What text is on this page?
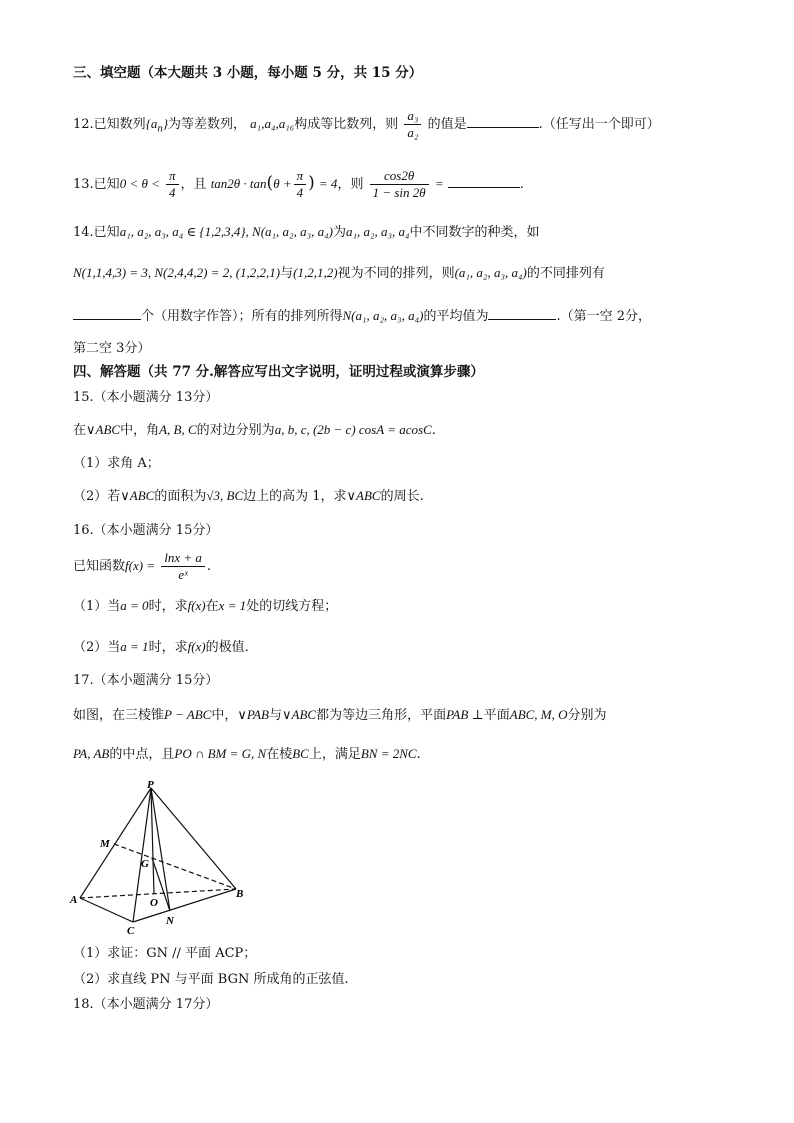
三、填空题（本大题共 3 小题，每小题 5 分，共 15 分）
12.已知数列$\{a_n\}$为等差数列， a₁,a₄,a₁₆构成等比数列，则 $\frac{\text{a₃}}{\text{a₂}}$ 的值是	.（任写出一个即可）
13.已知$0 < \theta < \frac{\pi}{4}$ ，且 $\tan 2\theta \cdot \tan(\theta + \frac{\pi}{4}$ ) = 4，则 $\frac{\cos 2\theta}{1 - \sin 2\theta}$ =	.
14.已知a₁, a₂, a₃, a₄ ∈ {1,2,3,4}, N(a₁, a₂, a₃, a₄)为a₁, a₂, a₃, a₄中不同数字的种类，如
N(1,1,4,3) = 3, N(2,4,4,2) = 2, (1,2,2,1)与(1,2,1,2)视为不同的排列，则(a₁, a₂, a₃, a₄)的不同排列有
个（用数字作答）；所有的排列所得N(a₁, a₂, a₃, a₄)的平均值为	.（第一空 2分，
第二空 3分）
四、解答题（共 77 分.解答应写出文字说明，证明过程或演算步骤）
15.（本小题满分 13分）
在∨ABC中，角A, B, C的对边分别为a, b, c, (2b − c) cosA = acosC.
（1）求角 A；
（2）若∨ABC的面积为√3, BC边上的高为 1，求∨ABC的周长.
16.（本小题满分 15分）
已知函数$f(x) = \frac{\ln x + a}{\text{eˣ}}$ .
（1）当a = 0时，求f(x)在x = 1处的切线方程；
（2）当a = 1时，求f(x)的极值.
17.（本小题满分 15分）
如图，在三棱锥P − ABC中，∨PAB与∨ABC都为等边三角形，平面PAB ⊥平面ABC, M, O分别为
PA, AB的中点，且PO ∩ BM = G, N在棱BC上，满足BN = 2NC.
P
M
G
A	O
B
C
N
（1）求证：GN // 平面 ACP；
（2）求直线 PN 与平面 BGN 所成角的正弦值.
18.（本小题满分 17分）
